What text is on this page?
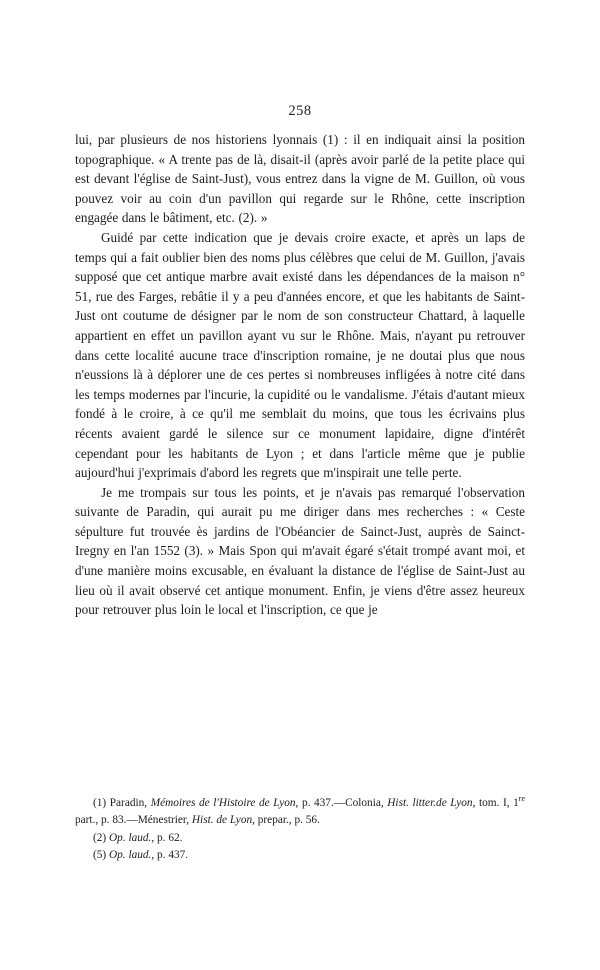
258

lui, par plusieurs de nos historiens lyonnais (1) : il en indiquait ainsi la position topographique. « A trente pas de là, disait-il (après avoir parlé de la petite place qui est devant l'église de Saint-Just), vous entrez dans la vigne de M. Guillon, où vous pouvez voir au coin d'un pavillon qui regarde sur le Rhône, cette inscription engagée dans le bâtiment, etc. (2). »

Guidé par cette indication que je devais croire exacte, et après un laps de temps qui a fait oublier bien des noms plus célèbres que celui de M. Guillon, j'avais supposé que cet antique marbre avait existé dans les dépendances de la maison n° 51, rue des Farges, rebâtie il y a peu d'années encore, et que les habitants de Saint-Just ont coutume de désigner par le nom de son constructeur Chattard, à laquelle appartient en effet un pavillon ayant vu sur le Rhône. Mais, n'ayant pu retrouver dans cette localité aucune trace d'inscription romaine, je ne doutai plus que nous n'eussions là à déplorer une de ces pertes si nombreuses infligées à notre cité dans les temps modernes par l'incurie, la cupidité ou le vandalisme. J'étais d'autant mieux fondé à le croire, à ce qu'il me semblait du moins, que tous les écrivains plus récents avaient gardé le silence sur ce monument lapidaire, digne d'intérêt cependant pour les habitants de Lyon ; et dans l'article même que je publie aujourd'hui j'exprimais d'abord les regrets que m'inspirait une telle perte.

Je me trompais sur tous les points, et je n'avais pas remarqué l'observation suivante de Paradin, qui aurait pu me diriger dans mes recherches : « Ceste sépulture fut trouvée ès jardins de l'Obéancier de Sainct-Just, auprès de Sainct-Iregny en l'an 1552 (3). » Mais Spon qui m'avait égaré s'était trompé avant moi, et d'une manière moins excusable, en évaluant la distance de l'église de Saint-Just au lieu où il avait observé cet antique monument. Enfin, je viens d'être assez heureux pour retrouver plus loin le local et l'inscription, ce que je

(1) Paradin, Mémoires de l'Histoire de Lyon, p. 437.—Colonia, Hist. litter.de Lyon, tom. I, 1re part., p. 83.—Ménestrier, Hist. de Lyon, prepar., p. 56.

(2) Op. laud., p. 62.

(5) Op. laud., p. 437.
